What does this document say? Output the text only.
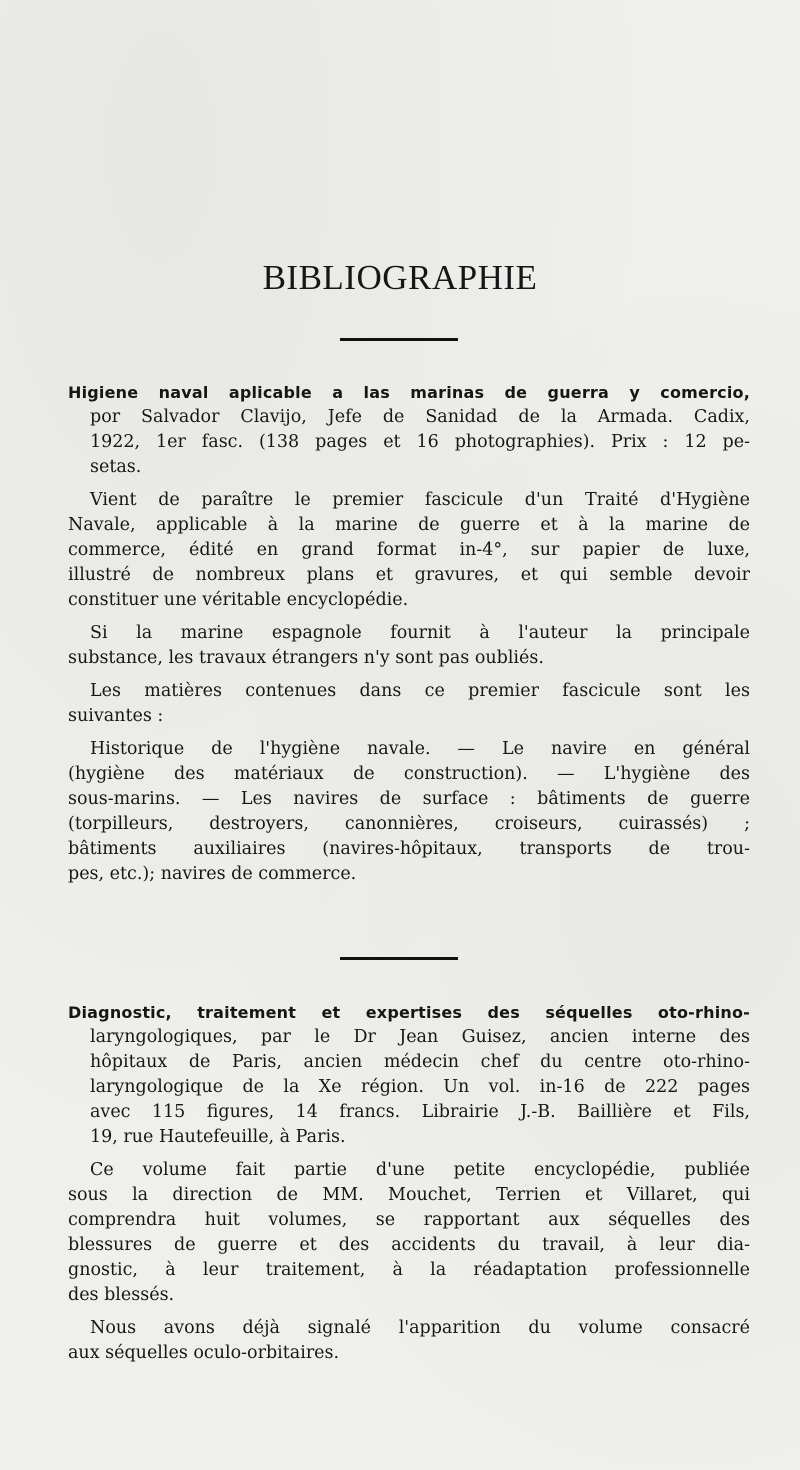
BIBLIOGRAPHIE
Higiene naval aplicable a las marinas de guerra y comercio,
por Salvador Clavijo, Jefe de Sanidad de la Armada. Cadix,
1922, 1er fasc. (138 pages et 16 photographies). Prix : 12 pe-
setas.
Vient de paraître le premier fascicule d'un Traité d'Hygiène
Navale, applicable à la marine de guerre et à la marine de
commerce, édité en grand format in-4°, sur papier de luxe,
illustré de nombreux plans et gravures, et qui semble devoir
constituer une véritable encyclopédie.
Si la marine espagnole fournit à l'auteur la principale
substance, les travaux étrangers n'y sont pas oubliés.
Les matières contenues dans ce premier fascicule sont les
suivantes :
Historique de l'hygiène navale. — Le navire en général
(hygiène des matériaux de construction). — L'hygiène des
sous-marins. — Les navires de surface : bâtiments de guerre
(torpilleurs, destroyers, canonnières, croiseurs, cuirassés) ;
bâtiments auxiliaires (navires-hôpitaux, transports de trou-
pes, etc.); navires de commerce.
Diagnostic, traitement et expertises des séquelles oto-rhino-
laryngologiques, par le Dr Jean Guisez, ancien interne des
hôpitaux de Paris, ancien médecin chef du centre oto-rhino-
laryngologique de la Xe région. Un vol. in-16 de 222 pages
avec 115 figures, 14 francs. Librairie J.-B. Baillière et Fils,
19, rue Hautefeuille, à Paris.
Ce volume fait partie d'une petite encyclopédie, publiée
sous la direction de MM. Mouchet, Terrien et Villaret, qui
comprendra huit volumes, se rapportant aux séquelles des
blessures de guerre et des accidents du travail, à leur dia-
gnostic, à leur traitement, à la réadaptation professionnelle
des blessés.
Nous avons déjà signalé l'apparition du volume consacré
aux séquelles oculo-orbitaires.
